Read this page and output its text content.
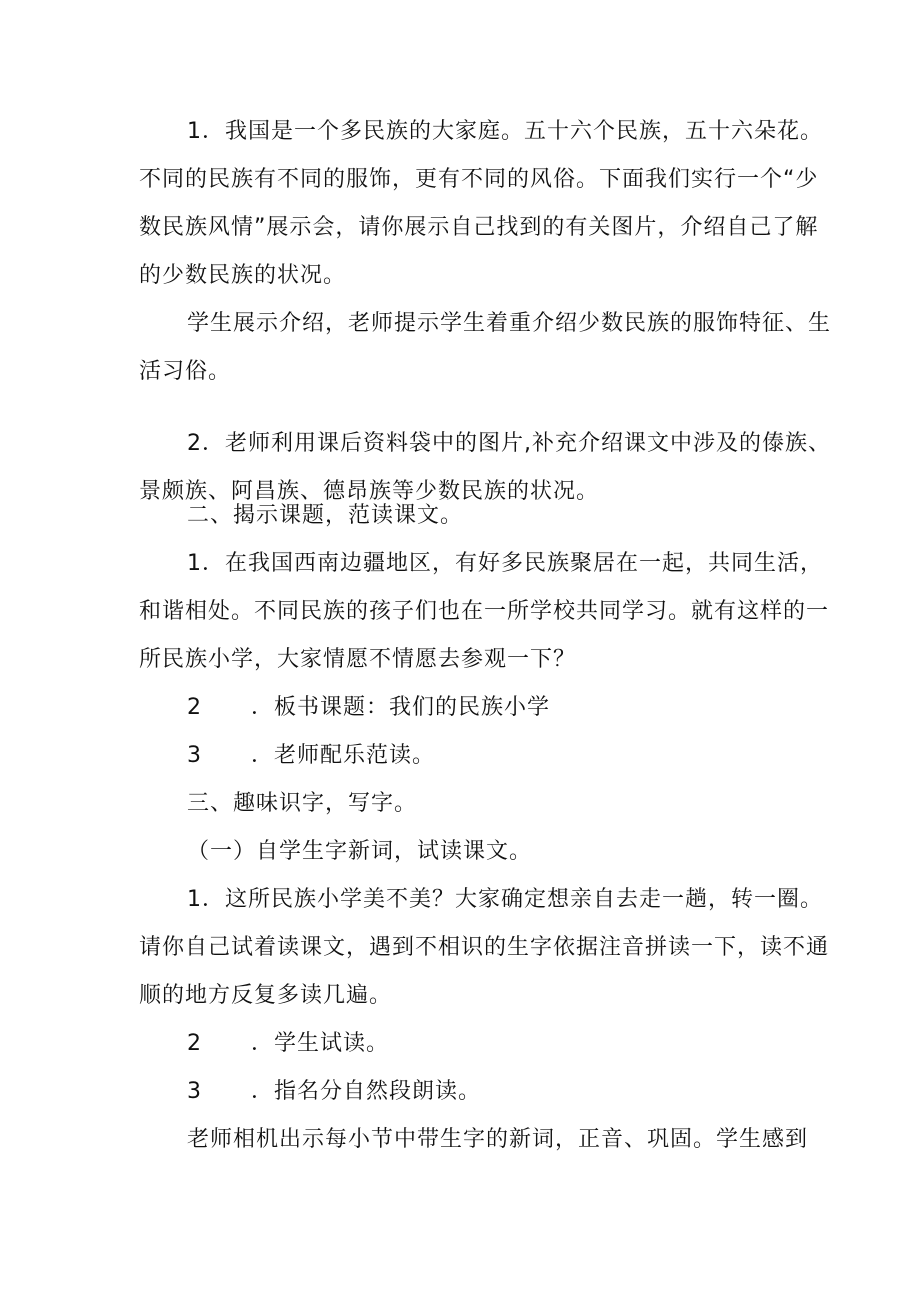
1．我国是一个多民族的大家庭。五十六个民族，五十六朵花。
不同的民族有不同的服饰，更有不同的风俗。下面我们实行一个“少
数民族风情”展示会，请你展示自己找到的有关图片，介绍自己了解
的少数民族的状况。

学生展示介绍，老师提示学生着重介绍少数民族的服饰特征、生
活习俗。

2．老师利用课后资料袋中的图片,补充介绍课文中涉及的傣族、
景颇族、阿昌族、德昂族等少数民族的状况。

二、揭示课题，范读课文。

1．在我国西南边疆地区，有好多民族聚居在一起，共同生活，
和谐相处。不同民族的孩子们也在一所学校共同学习。就有这样的一
所民族小学，大家情愿不情愿去参观一下？

2 ．板书课题：我们的民族小学

3 ．老师配乐范读。

三、趣味识字，写字。

（一）自学生字新词，试读课文。

1．这所民族小学美不美？大家确定想亲自去走一趟，转一圈。
请你自己试着读课文，遇到不相识的生字依据注音拼读一下，读不通
顺的地方反复多读几遍。

2 ．学生试读。

3 ．指名分自然段朗读。

老师相机出示每小节中带生字的新词，正音、巩固。学生感到
